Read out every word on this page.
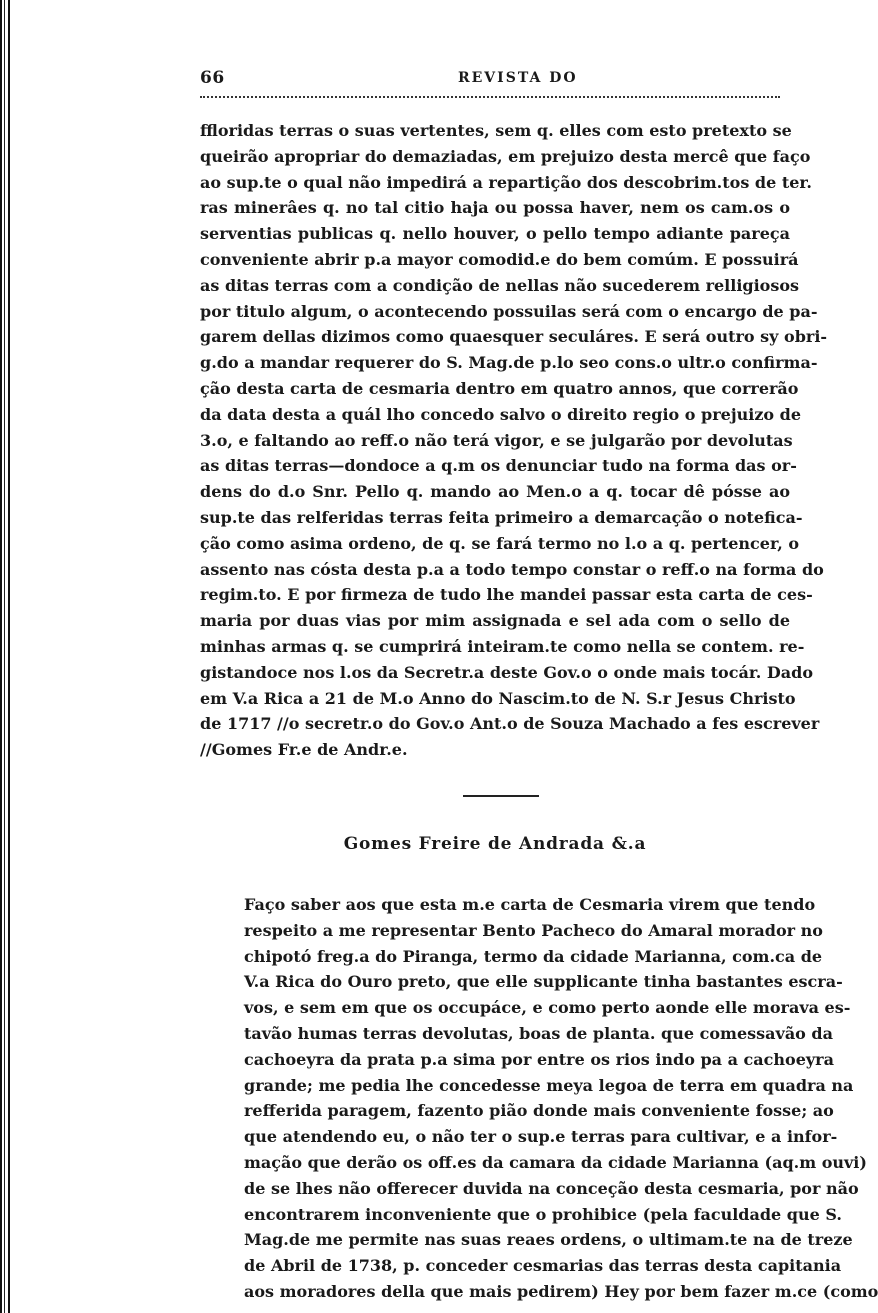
66	REVISTA DO
ffloridas terras o suas vertentes, sem q. elles com esto pretexto se
queirão apropriar do demaziadas, em prejuizo desta mercê que faço
ao sup.te o qual não impedirá a repartição dos descobrim.tos de ter.
ras minerâes q. no tal citio haja ou possa haver, nem os cam.os o
serventias publicas q. nello houver, o pello tempo adiante pareça
conveniente abrir p.a mayor comodid.e do bem comúm. E possuirá
as ditas terras com a condição de nellas não sucederem relligiosos
por titulo algum, o acontecendo possuilas será com o encargo de pa-
garem dellas dizimos como quaesquer seculáres. E será outro sy obri-
g.do a mandar requerer do S. Mag.de p.lo seo cons.o ultr.o confirma-
ção desta carta de cesmaria dentro em quatro annos, que correrão
da data desta a quál lho concedo salvo o direito regio o prejuizo de
3.o, e faltando ao reff.o não terá vigor, e se julgarão por devolutas
as ditas terras—dondoce a q.m os denunciar tudo na forma das or-
dens do d.o Snr. Pello q. mando ao Men.o a q. tocar dê pósse ao
sup.te das relferidas terras feita primeiro a demarcação o notefica-
ção como asima ordeno, de q. se fará termo no l.o a q. pertencer, o
assento nas cósta desta p.a a todo tempo constar o reff.o na forma do
regim.to. E por firmeza de tudo lhe mandei passar esta carta de ces-
maria por duas vias por mim assignada e sel ada com o sello de
minhas armas q. se cumprirá inteiram.te como nella se contem. re-
gistandoce nos l.os da Secretr.a deste Gov.o o onde mais tocár. Dado
em V.a Rica a 21 de M.o Anno do Nascim.to de N. S.r Jesus Christo
de 1717 //o secretr.o do Gov.o Ant.o de Souza Machado a fes escrever
//Gomes Fr.e de Andr.e.
Gomes Freire de Andrada &.a
Faço saber aos que esta m.e carta de Cesmaria virem que tendo
respeito a me representar Bento Pacheco do Amaral morador no
chipotó freg.a do Piranga, termo da cidade Marianna, com.ca de
V.a Rica do Ouro preto, que elle supplicante tinha bastantes escra-
vos, e sem em que os occupáce, e como perto aonde elle morava es-
tavão humas terras devolutas, boas de planta. que comessavão da
cachoeyra da prata p.a sima por entre os rios indo pa a cachoeyra
grande; me pedia lhe concedesse meya legoa de terra em quadra na
refferida paragem, fazento pião donde mais conveniente fosse; ao
que atendendo eu, o não ter o sup.e terras para cultivar, e a infor-
mação que derão os off.es da camara da cidade Marianna (aq.m ouvi)
de se lhes não offerecer duvida na conceção desta cesmaria, por não
encontrarem inconveniente que o prohibice (pela faculdade que S.
Mag.de me permite nas suas reaes ordens, o ultimam.te na de treze
de Abril de 1738, p. conceder cesmarias das terras desta capitania
aos moradores della que mais pedirem) Hey por bem fazer m.ce (como
